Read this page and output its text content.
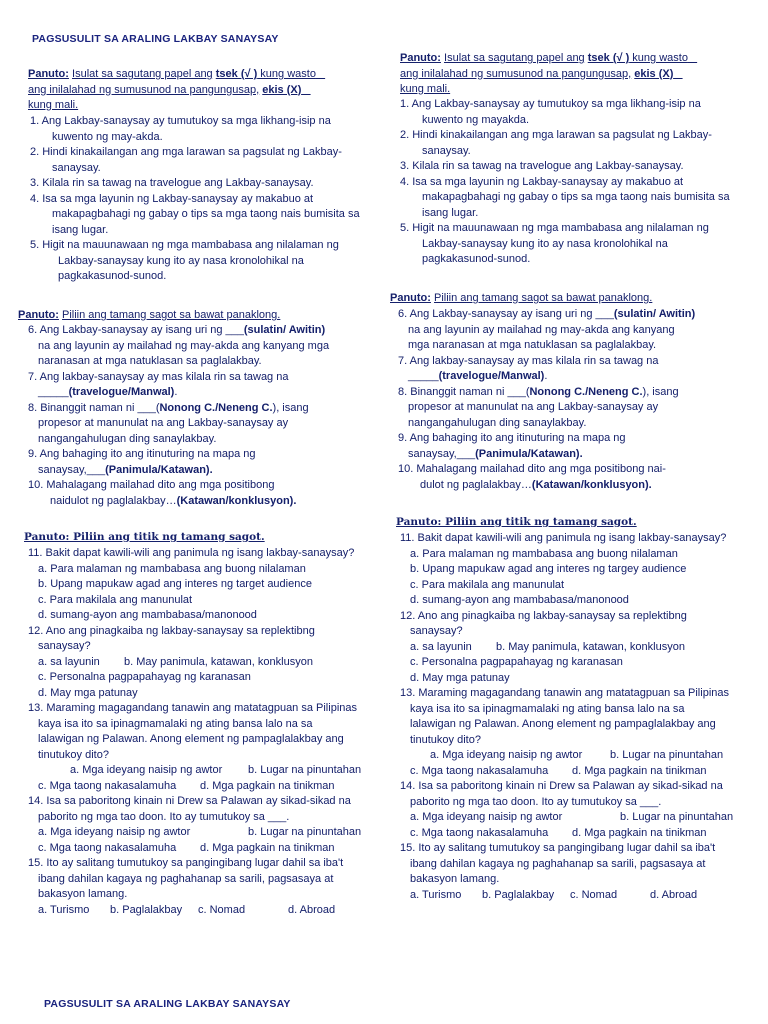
PAGSUSULIT SA ARALING LAKBAY SANAYSAY
PAGSUSULIT SA ARALING LAKBAY SANAYSAY
Panuto: Isulat sa sagutang papel ang tsek (√ ) kung wasto
ang inilalahad ng sumusunod na pangungusap, ekis (X)
kung mali.
1. Ang Lakbay-sanaysay ay tumutukoy sa mga likhang-isip na
kuwento ng may-akda.
2. Hindi kinakailangan ang mga larawan sa pagsulat ng Lakbay-
sanaysay.
3. Kilala rin sa tawag na travelogue ang Lakbay-sanaysay.
4. Isa sa mga layunin ng Lakbay-sanaysay ay makabuo at
makapagbahagi ng gabay o tips sa mga taong nais bumisita sa
isang lugar.
5. Higit na mauunawaan ng mga mambabasa ang nilalaman ng
Lakbay-sanaysay kung ito ay nasa kronolohikal na
pagkakasunod-sunod.
Panuto: Piliin ang tamang sagot sa bawat panaklong.
6. Ang Lakbay-sanaysay ay isang uri ng ___(sulatin/ Awitin)
na ang layunin ay mailahad ng may-akda ang kanyang mga
naranasan at mga natuklasan sa paglalakbay.
7. Ang lakbay-sanaysay ay mas kilala rin sa tawag na
_____(travelogue/Manwal).
8. Binanggit naman ni ___(Nonong C./Neneng C.), isang
propesor at manunulat na ang Lakbay-sanaysay ay
nangangahulugan ding sanaylakbay.
9. Ang bahaging ito ang itinuturing na mapa ng
sanaysay,___(Panimula/Katawan).
10. Mahalagang mailahad dito ang mga positibong
naidulot ng paglalakbay…(Katawan/konklusyon).
Panuto: Piliin ang titik ng tamang sagot.
11. Bakit dapat kawili-wili ang panimula ng isang lakbay-sanaysay?
a. Para malaman ng mambabasa ang buong nilalaman
b. Upang mapukaw agad ang interes ng target audience
c. Para makilala ang manunulat
d. sumang-ayon ang mambabasa/manonood
12. Ano ang pinagkaiba ng lakbay-sanaysay sa replektibng
sanaysay?
a. sa layunin	b. May panimula, katawan, konklusyon
c. Personalna pagpapahayag ng karanasan
d. May mga patunay
13. Maraming magagandang tanawin ang matatagpuan sa Pilipinas
kaya isa ito sa ipinagmamalaki ng ating bansa lalo na sa
lalawigan ng Palawan. Anong element ng pampaglalakbay ang
tinutukoy dito?
a. Mga ideyang naisip ng awtor	b. Lugar na pinuntahan
c. Mga taong nakasalamuha	d. Mga pagkain na tinikman
14. Isa sa paboritong kinain ni Drew sa Palawan ay sikad-sikad na
paborito ng mga tao doon. Ito ay tumutukoy sa ___.
a. Mga ideyang naisip ng awtor	b. Lugar na pinuntahan
c. Mga taong nakasalamuha	d. Mga pagkain na tinikman
15. Ito ay salitang tumutukoy sa pangingibang lugar dahil sa iba't
ibang dahilan kagaya ng paghahanap sa sarili, pagsasaya at
bakasyon lamang.
a. Turismo	b. Paglalakbay	c. Nomad	d. Abroad
Panuto: Isulat sa sagutang papel ang tsek (√ ) kung wasto
ang inilalahad ng sumusunod na pangungusap, ekis (X)
kung mali.
1. Ang Lakbay-sanaysay ay tumutukoy sa mga likhang-isip na
kuwento ng mayakda.
2. Hindi kinakailangan ang mga larawan sa pagsulat ng Lakbay-
sanaysay.
3. Kilala rin sa tawag na travelogue ang Lakbay-sanaysay.
4. Isa sa mga layunin ng Lakbay-sanaysay ay makabuo at
makapagbahagi ng gabay o tips sa mga taong nais bumisita sa
isang lugar.
5. Higit na mauunawaan ng mga mambabasa ang nilalaman ng
Lakbay-sanaysay kung ito ay nasa kronolohikal na
pagkakasunod-sunod.
Panuto: Piliin ang tamang sagot sa bawat panaklong.
6. Ang Lakbay-sanaysay ay isang uri ng ___(sulatin/ Awitin)
na ang layunin ay mailahad ng may-akda ang kanyang
mga naranasan at mga natuklasan sa paglalakbay.
7. Ang lakbay-sanaysay ay mas kilala rin sa tawag na
_____(travelogue/Manwal).
8. Binanggit naman ni ___(Nonong C./Neneng C.), isang
propesor at manunulat na ang Lakbay-sanaysay ay
nangangahulugan ding sanaylakbay.
9. Ang bahaging ito ang itinuturing na mapa ng
sanaysay,___(Panimula/Katawan).
10. Mahalagang mailahad dito ang mga positibong nai-
dulot ng paglalakbay…(Katawan/konklusyon).
Panuto: Piliin ang titik ng tamang sagot.
11. Bakit dapat kawili-wili ang panimula ng isang lakbay-sanaysay?
a. Para malaman ng mambabasa ang buong nilalaman
b. Upang mapukaw agad ang interes ng targey audience
c. Para makilala ang manunulat
d. sumang-ayon ang mambabasa/manonood
12. Ano ang pinagkaiba ng lakbay-sanaysay sa replektibng
sanaysay?
a. sa layunin	b. May panimula, katawan, konklusyon
c. Personalna pagpapahayag ng karanasan
d. May mga patunay
13. Maraming magagandang tanawin ang matatagpuan sa Pilipinas
kaya isa ito sa ipinagmamalaki ng ating bansa lalo na sa
lalawigan ng Palawan. Anong element ng pampaglalakbay ang
tinutukoy dito?
a. Mga ideyang naisip ng awtor	b. Lugar na pinuntahan
c. Mga taong nakasalamuha	d. Mga pagkain na tinikman
14. Isa sa paboritong kinain ni Drew sa Palawan ay sikad-sikad na
paborito ng mga tao doon. Ito ay tumutukoy sa ___.
a. Mga ideyang naisip ng awtor	b. Lugar na pinuntahan
c. Mga taong nakasalamuha	d. Mga pagkain na tinikman
15. Ito ay salitang tumutukoy sa pangingibang lugar dahil sa iba't
ibang dahilan kagaya ng paghahanap sa sarili, pagsasaya at
bakasyon lamang.
a. Turismo	b. Paglalakbay	c. Nomad	d. Abroad
